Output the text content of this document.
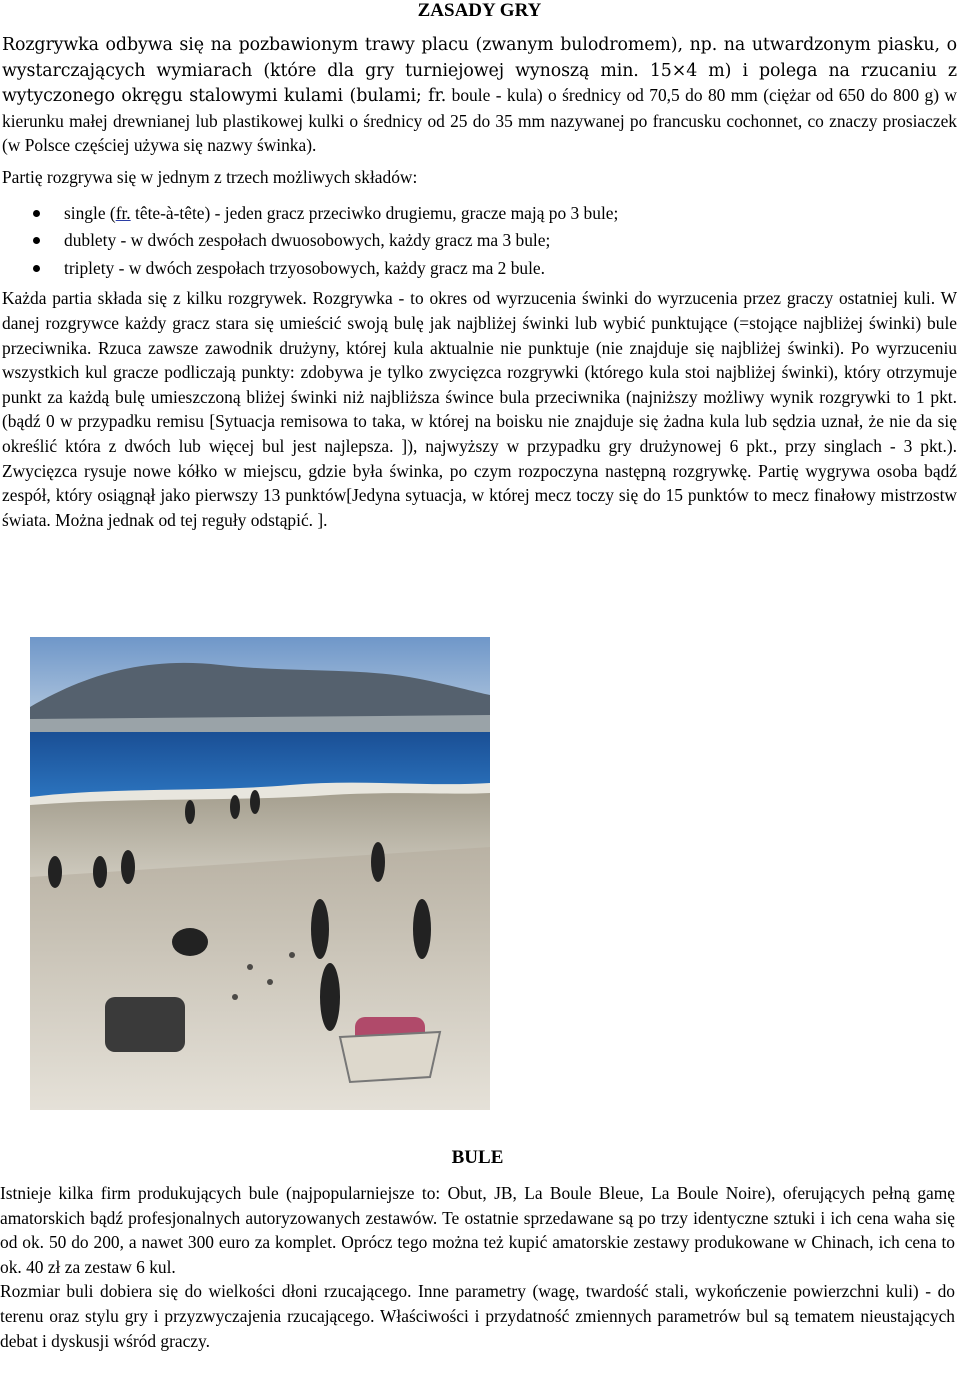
ZASADY GRY

Rozgrywka odbywa się na pozbawionym trawy placu (zwanym bulodromem), np. na utwardzonym piasku, o wystarczających wymiarach (które dla gry turniejowej wynoszą min. 15×4 m) i polega na rzucaniu z wytyczonego okręgu stalowymi kulami (bulami; fr. boule - kula) o średnicy od 70,5 do 80 mm (ciężar od 650 do 800 g) w kierunku małej drewnianej lub plastikowej kulki o średnicy od 25 do 35 mm nazywanej po francusku cochonnet, co znaczy prosiaczek (w Polsce częściej używa się nazwy świnka).

Partię rozgrywa się w jednym z trzech możliwych składów:

single (fr. tête-à-tête) - jeden gracz przeciwko drugiemu, gracze mają po 3 bule;
dublety - w dwóch zespołach dwuosobowych, każdy gracz ma 3 bule;
triplety - w dwóch zespołach trzyosobowych, każdy gracz ma 2 bule.

Każda partia składa się z kilku rozgrywek. Rozgrywka - to okres od wyrzucenia świnki do wyrzucenia przez graczy ostatniej kuli. W danej rozgrywce każdy gracz stara się umieścić swoją bulę jak najbliżej świnki lub wybić punktujące (=stojące najbliżej świnki) bule przeciwnika. Rzuca zawsze zawodnik drużyny, której kula aktualnie nie punktuje (nie znajduje się najbliżej świnki). Po wyrzuceniu wszystkich kul gracze podliczają punkty: zdobywa je tylko zwycięzca rozgrywki (którego kula stoi najbliżej świnki), który otrzymuje punkt za każdą bulę umieszczoną bliżej świnki niż najbliższa śwince bula przeciwnika (najniższy możliwy wynik rozgrywki to 1 pkt. (bądź 0 w przypadku remisu [Sytuacja remisowa to taka, w której na boisku nie znajduje się żadna kula lub sędzia uznał, że nie da się określić która z dwóch lub więcej bul jest najlepsza. ]), najwyższy w przypadku gry drużynowej 6 pkt., przy singlach - 3 pkt.). Zwycięzca rysuje nowe kółko w miejscu, gdzie była świnka, po czym rozpoczyna następną rozgrywkę. Partię wygrywa osoba bądź zespół, który osiągnął jako pierwszy 13 punktów[Jedyna sytuacja, w której mecz toczy się do 15 punktów to mecz finałowy mistrzostw świata. Można jednak od tej reguły odstąpić. ].

BULE

Istnieje kilka firm produkujących bule (najpopularniejsze to: Obut, JB, La Boule Bleue, La Boule Noire), oferujących pełną gamę amatorskich bądź profesjonalnych autoryzowanych zestawów. Te ostatnie sprzedawane są po trzy identyczne sztuki i ich cena waha się od ok. 50 do 200, a nawet 300 euro za komplet. Oprócz tego można też kupić amatorskie zestawy produkowane w Chinach, ich cena to ok. 40 zł za zestaw 6 kul.

Rozmiar buli dobiera się do wielkości dłoni rzucającego. Inne parametry (wagę, twardość stali, wykończenie powierzchni kuli) - do terenu oraz stylu gry i przyzwyczajenia rzucającego. Właściwości i przydatność zmiennych parametrów bul są tematem nieustających debat i dyskusji wśród graczy.
